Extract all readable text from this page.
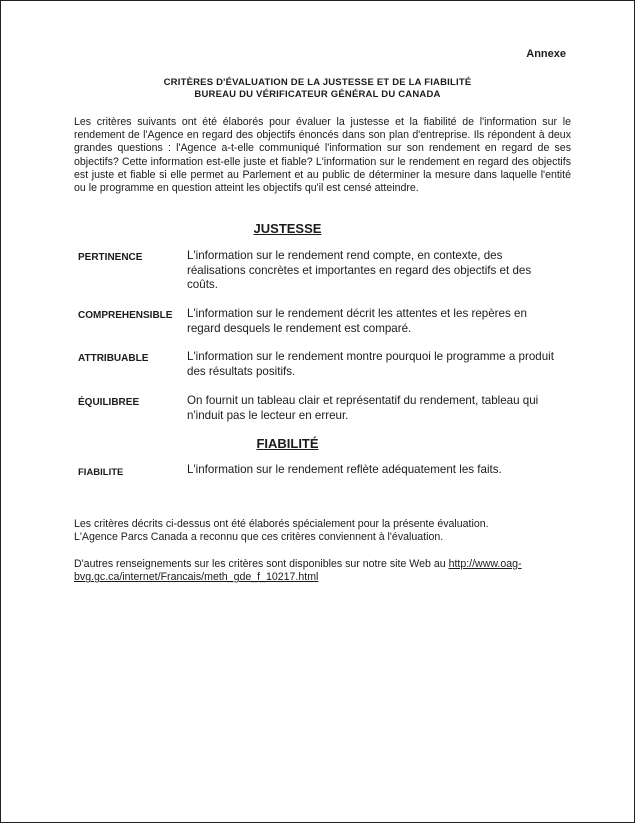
Annexe
CRITÈRES D'ÉVALUATION DE LA JUSTESSE ET DE LA FIABILITÉ
BUREAU DU VÉRIFICATEUR GÉNÉRAL DU CANADA
Les critères suivants ont été élaborés pour évaluer la justesse et la fiabilité de l'information sur le rendement de l'Agence en regard des objectifs énoncés dans son plan d'entreprise. Ils répondent à deux grandes questions : l'Agence a-t-elle communiqué l'information sur son rendement en regard de ses objectifs? Cette information est-elle juste et fiable? L'information sur le rendement en regard des objectifs est juste et fiable si elle permet au Parlement et au public de déterminer la mesure dans laquelle l'entité ou le programme en question atteint les objectifs qu'il est censé atteindre.
JUSTESSE
PERTINENCE	L'information sur le rendement rend compte, en contexte, des réalisations concrètes et importantes en regard des objectifs et des coûts.
COMPREHENSIBLE L'information sur le rendement décrit les attentes et les repères en regard desquels le rendement est comparé.
ATTRIBUABLE	L'information sur le rendement montre pourquoi le programme a produit des résultats positifs.
ÉQUILIBREE	On fournit un tableau clair et représentatif du rendement, tableau qui n'induit pas le lecteur en erreur.
FIABILITÉ
FIABILITE	L'information sur le rendement reflète adéquatement les faits.
Les critères décrits ci-dessus ont été élaborés spécialement pour la présente évaluation.
L'Agence Parcs Canada a reconnu que ces critères conviennent à l'évaluation.
D'autres renseignements sur les critères sont disponibles sur notre site Web au http://www.oag-bvg.gc.ca/internet/Francais/meth_gde_f_10217.html
